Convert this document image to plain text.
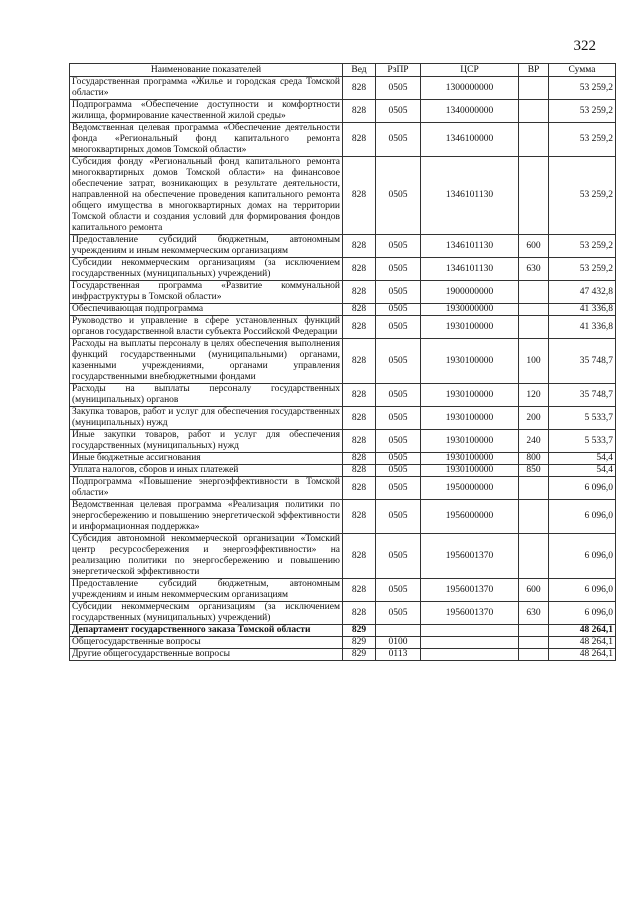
322
Наименование показателей	Вед	РзПР	ЦСР	ВР	Сумма
Государственная программа «Жилье и городская среда Томской области»	828	0505	1300000000		53 259,2
Подпрограмма «Обеспечение доступности и комфортности жилища, формирование качественной жилой среды»	828	0505	1340000000		53 259,2
Ведомственная целевая программа «Обеспечение деятельности фонда «Региональный фонд капитального ремонта многоквартирных домов Томской области»	828	0505	1346100000		53 259,2
Субсидия фонду «Региональный фонд капитального ремонта многоквартирных домов Томской области» на финансовое обеспечение затрат, возникающих в результате деятельности, направленной на обеспечение проведения капитального ремонта общего имущества в многоквартирных домах на территории Томской области и создания условий для формирования фондов капитального ремонта	828	0505	1346101130		53 259,2
Предоставление субсидий бюджетным, автономным учреждениям и иным некоммерческим организациям	828	0505	1346101130	600	53 259,2
Субсидии некоммерческим организациям (за исключением государственных (муниципальных) учреждений)	828	0505	1346101130	630	53 259,2
Государственная программа «Развитие коммунальной инфраструктуры в Томской области»	828	0505	1900000000		47 432,8
Обеспечивающая подпрограмма	828	0505	1930000000		41 336,8
Руководство и управление в сфере установленных функций органов государственной власти субъекта Российской Федерации	828	0505	1930100000		41 336,8
Расходы на выплаты персоналу в целях обеспечения выполнения функций государственными (муниципальными) органами, казенными учреждениями, органами управления государственными внебюджетными фондами	828	0505	1930100000	100	35 748,7
Расходы на выплаты персоналу государственных (муниципальных) органов	828	0505	1930100000	120	35 748,7
Закупка товаров, работ и услуг для обеспечения государственных (муниципальных) нужд	828	0505	1930100000	200	5 533,7
Иные закупки товаров, работ и услуг для обеспечения государственных (муниципальных) нужд	828	0505	1930100000	240	5 533,7
Иные бюджетные ассигнования	828	0505	1930100000	800	54,4
Уплата налогов, сборов и иных платежей	828	0505	1930100000	850	54,4
Подпрограмма «Повышение энергоэффективности в Томской области»	828	0505	1950000000		6 096,0
Ведомственная целевая программа «Реализация политики по энергосбережению и повышению энергетической эффективности и информационная поддержка»	828	0505	1956000000		6 096,0
Субсидия автономной некоммерческой организации «Томский центр ресурсосбережения и энергоэффективности» на реализацию политики по энергосбережению и повышению энергетической эффективности	828	0505	1956001370		6 096,0
Предоставление субсидий бюджетным, автономным учреждениям и иным некоммерческим организациям	828	0505	1956001370	600	6 096,0
Субсидии некоммерческим организациям (за исключением государственных (муниципальных) учреждений)	828	0505	1956001370	630	6 096,0
Департамент государственного заказа Томской области	829				48 264,1
Общегосударственные вопросы	829	0100			48 264,1
Другие общегосударственные вопросы	829	0113			48 264,1
